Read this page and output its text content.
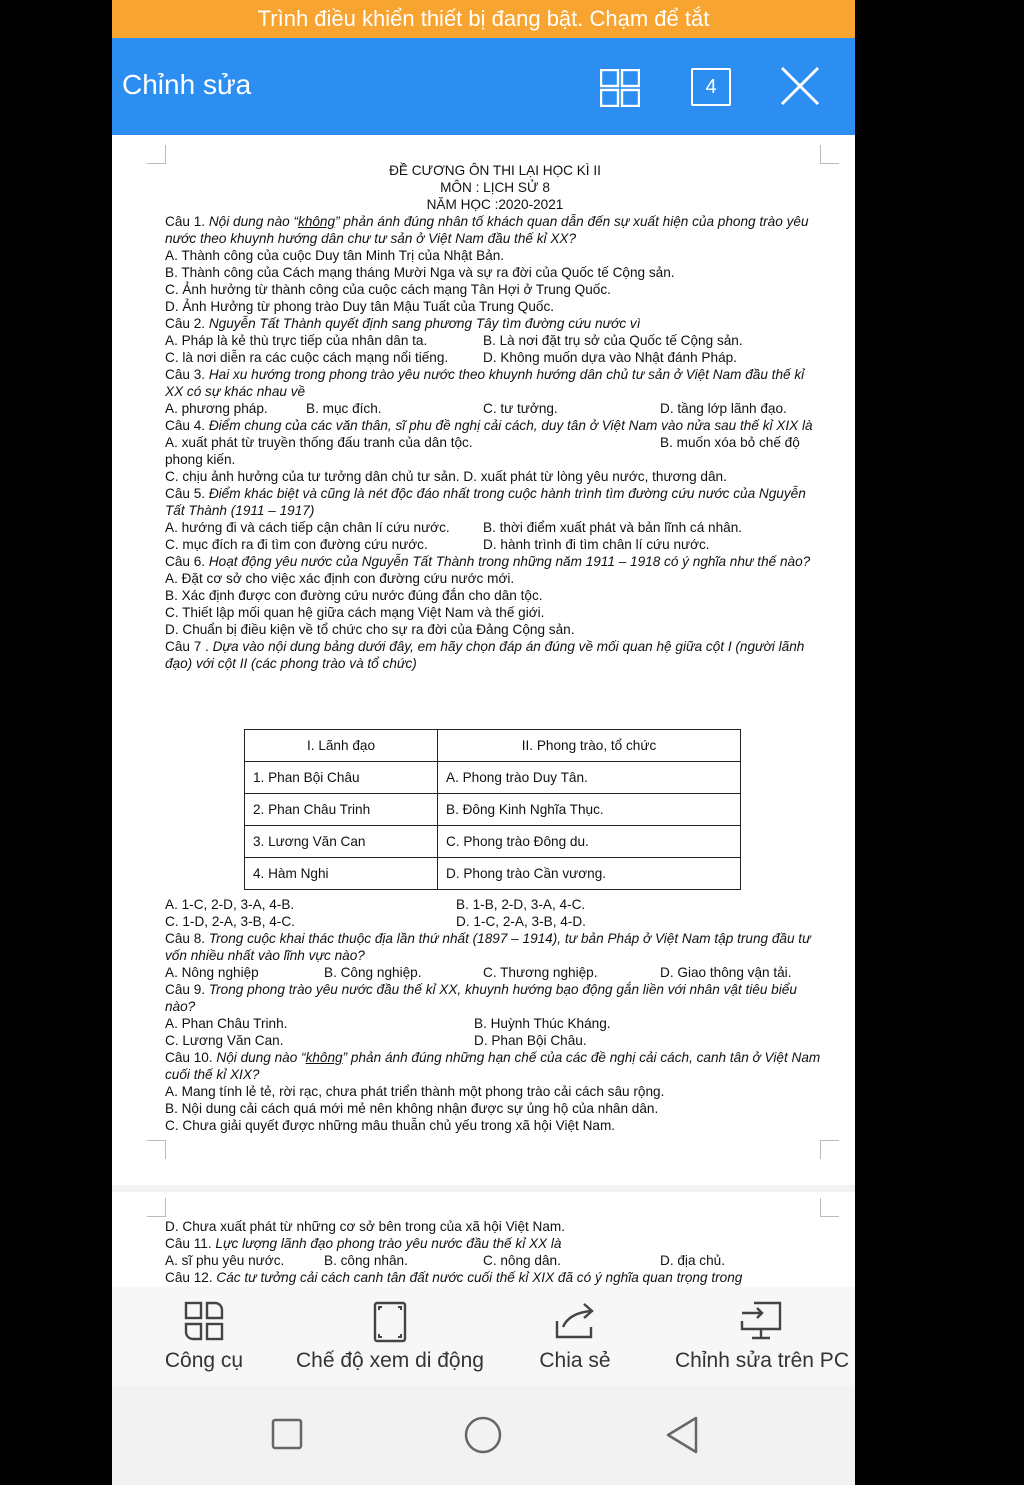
Trình điều khiển thiết bị đang bật. Chạm để tắt
Chỉnh sửa	4
ĐỀ CƯƠNG ÔN THI LẠI HỌC KÌ II
MÔN : LỊCH SỬ 8
NĂM HỌC :2020-2021
Câu 1. Nội dung nào “không” phản ánh đúng nhân tố khách quan dẫn đến sự xuất hiện của phong trào yêu nước theo khuynh hướng dân chư tư sản ở Việt Nam đầu thế kỉ XX?
A. Thành công của cuộc Duy tân Minh Trị của Nhật Bản.
B. Thành công của Cách mạng tháng Mười Nga và sự ra đời của Quốc tế Cộng sản.
C. Ảnh hưởng từ thành công của cuộc cách mạng Tân Hợi ở Trung Quốc.
D. Ảnh Hưởng từ phong trào Duy tân Mậu Tuất của Trung Quốc.
Câu 2. Nguyễn Tất Thành quyết định sang phương Tây tìm đường cứu nước vì
A. Pháp là kẻ thù trực tiếp của nhân dân ta.	B. Là nơi đặt trụ sở của Quốc tế Cộng sản.
C. là nơi diễn ra các cuộc cách mạng nổi tiếng.	D. Không muốn dựa vào Nhật đánh Pháp.
Câu 3. Hai xu hướng trong phong trào yêu nước theo khuynh hướng dân chủ tư sản ở Việt Nam đầu thế kỉ XX có sự khác nhau về
A. phương pháp.	B. mục đích.	C. tư tưởng.	D. tầng lớp lãnh đạo.
Câu 4. Điểm chung của các văn thân, sĩ phu đề nghị cải cách, duy tân ở Việt Nam vào nửa sau thế kỉ XIX là
A. xuất phát từ truyền thống đấu tranh của dân tộc.	B. muốn xóa bỏ chế độ
phong kiến.
C. chịu ảnh hưởng của tư tưởng dân chủ tư sản. D. xuất phát từ lòng yêu nước, thương dân.
Câu 5. Điểm khác biệt và cũng là nét độc đáo nhất trong cuộc hành trình tìm đường cứu nước của Nguyễn Tất Thành (1911 – 1917)
A. hướng đi và cách tiếp cận chân lí cứu nước.	B. thời điểm xuất phát và bản lĩnh cá nhân.
C. mục đích ra đi tìm con đường cứu nước.	D. hành trình đi tìm chân lí cứu nước.
Câu 6. Hoạt động yêu nước của Nguyễn Tất Thành trong những năm 1911 – 1918 có ý nghĩa như thế nào?
A. Đặt cơ sở cho việc xác định con đường cứu nước mới.
B. Xác định được con đường cứu nước đúng đắn cho dân tộc.
C. Thiết lập mối quan hệ giữa cách mạng Việt Nam và thế giới.
D. Chuẩn bị điều kiện về tổ chức cho sự ra đời của Đảng Cộng sản.
Câu 7 . Dựa vào nội dung bảng dưới đây, em hãy chọn đáp án đúng về mối quan hệ giữa cột I (người lãnh đạo) với cột II (các phong trào và tổ chức)
I. Lãnh đạo	II. Phong trào, tổ chức
1. Phan Bội Châu	A. Phong trào Duy Tân.
2. Phan Châu Trinh	B. Đông Kinh Nghĩa Thục.
3. Lương Văn Can	C. Phong trào Đông du.
4. Hàm Nghi	D. Phong trào Cần vương.
A. 1-C, 2-D, 3-A, 4-B.	B. 1-B, 2-D, 3-A, 4-C.
C. 1-D, 2-A, 3-B, 4-C.	D. 1-C, 2-A, 3-B, 4-D.
Câu 8. Trong cuộc khai thác thuộc địa lần thứ nhất (1897 – 1914), tư bản Pháp ở Việt Nam tập trung đầu tư vốn nhiều nhất vào lĩnh vực nào?
A. Nông nghiệp	B. Công nghiệp.	C. Thương nghiệp.	D. Giao thông vận tải.
Câu 9. Trong phong trào yêu nước đầu thế kỉ XX, khuynh hướng bạo động gắn liền với nhân vật tiêu biểu nào?
A. Phan Châu Trinh.	B. Huỳnh Thúc Kháng.
C. Lương Văn Can.	D. Phan Bội Châu.
Câu 10. Nội dung nào “không” phản ánh đúng những hạn chế của các đề nghị cải cách, canh tân ở Việt Nam cuối thế kỉ XIX?
A. Mang tính lẻ tẻ, rời rạc, chưa phát triển thành một phong trào cải cách sâu rộng.
B. Nội dung cải cách quá mới mẻ nên không nhận được sự ủng hộ của nhân dân.
C. Chưa giải quyết được những mâu thuẫn chủ yếu trong xã hội Việt Nam.
D. Chưa xuất phát từ những cơ sở bên trong của xã hội Việt Nam.
Câu 11. Lực lượng lãnh đạo phong trào yêu nước đầu thế kỉ XX là
A. sĩ phu yêu nước.	B. công nhân.	C. nông dân.	D. địa chủ.
Câu 12. Các tư tưởng cải cách canh tân đất nước cuối thế kỉ XIX đã có ý nghĩa quan trọng trong
Công cụ	Chế độ xem di động	Chia sẻ	Chỉnh sửa trên PC
